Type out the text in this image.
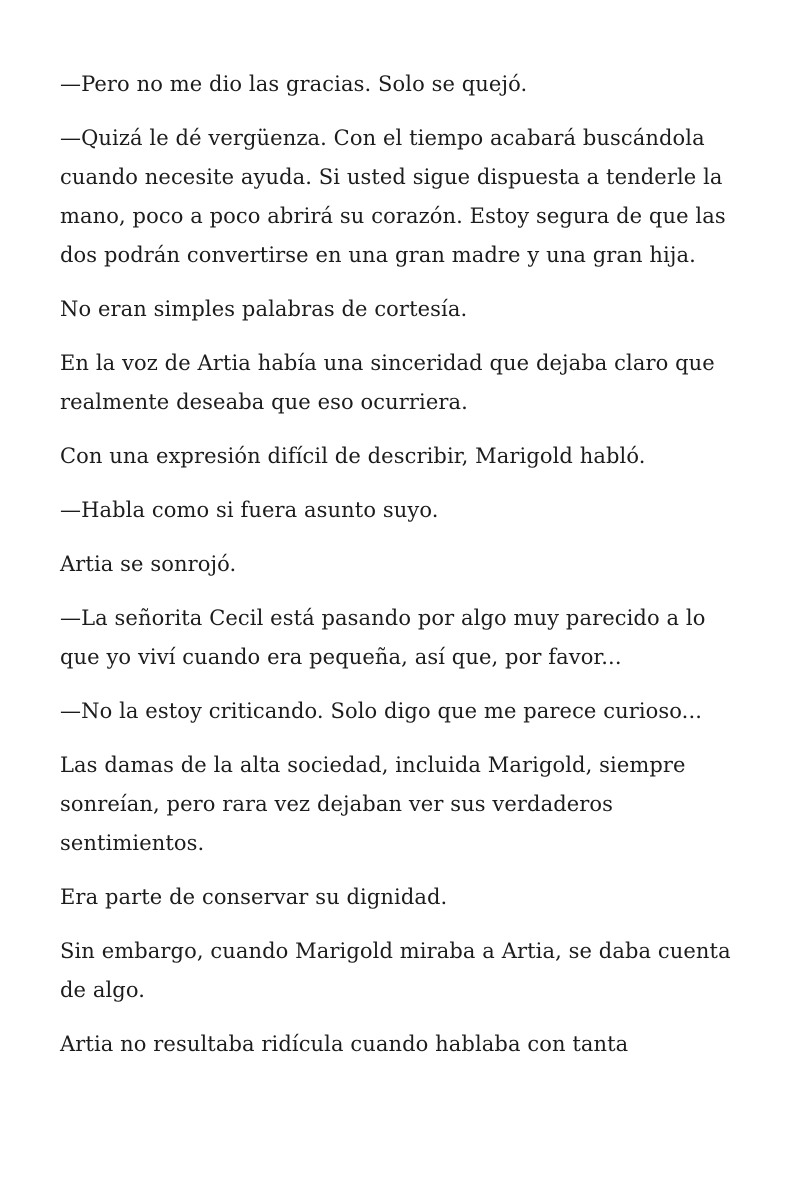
—Pero no me dio las gracias. Solo se quejó.

—Quizá le dé vergüenza. Con el tiempo acabará buscándola cuando necesite ayuda. Si usted sigue dispuesta a tenderle la mano, poco a poco abrirá su corazón. Estoy segura de que las dos podrán convertirse en una gran madre y una gran hija.

No eran simples palabras de cortesía.

En la voz de Artia había una sinceridad que dejaba claro que realmente deseaba que eso ocurriera.

Con una expresión difícil de describir, Marigold habló.

—Habla como si fuera asunto suyo.

Artia se sonrojó.

—La señorita Cecil está pasando por algo muy parecido a lo que yo viví cuando era pequeña, así que, por favor...

—No la estoy criticando. Solo digo que me parece curioso...

Las damas de la alta sociedad, incluida Marigold, siempre sonreían, pero rara vez dejaban ver sus verdaderos sentimientos.

Era parte de conservar su dignidad.

Sin embargo, cuando Marigold miraba a Artia, se daba cuenta de algo.

Artia no resultaba ridícula cuando hablaba con tanta
